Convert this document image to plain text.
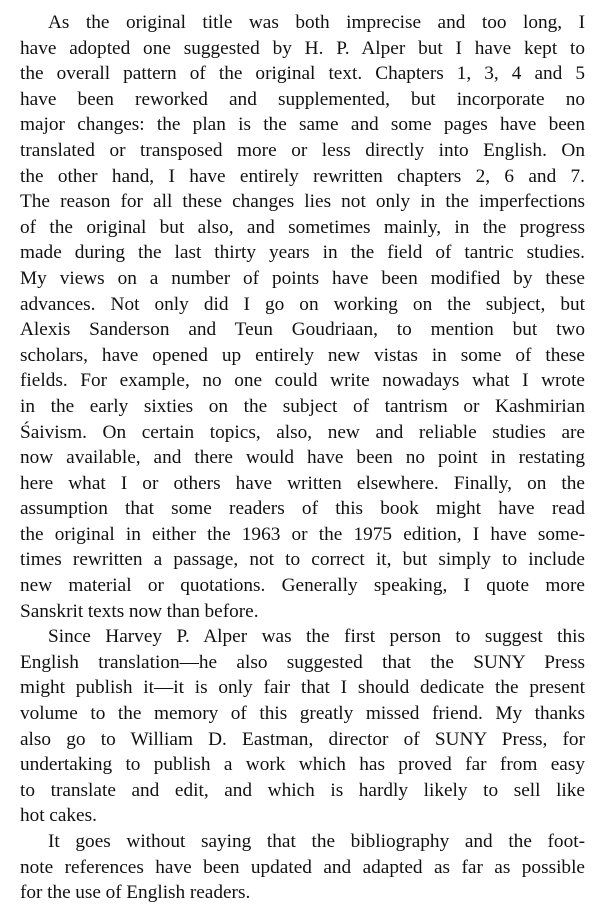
As the original title was both imprecise and too long, I
have adopted one suggested by H. P. Alper but I have kept to
the overall pattern of the original text. Chapters 1, 3, 4 and 5
have been reworked and supplemented, but incorporate no
major changes: the plan is the same and some pages have been
translated or transposed more or less directly into English. On
the other hand, I have entirely rewritten chapters 2, 6 and 7.
The reason for all these changes lies not only in the imperfections
of the original but also, and sometimes mainly, in the progress
made during the last thirty years in the field of tantric studies.
My views on a number of points have been modified by these
advances. Not only did I go on working on the subject, but
Alexis Sanderson and Teun Goudriaan, to mention but two
scholars, have opened up entirely new vistas in some of these
fields. For example, no one could write nowadays what I wrote
in the early sixties on the subject of tantrism or Kashmirian
Śaivism. On certain topics, also, new and reliable studies are
now available, and there would have been no point in restating
here what I or others have written elsewhere. Finally, on the
assumption that some readers of this book might have read
the original in either the 1963 or the 1975 edition, I have some-
times rewritten a passage, not to correct it, but simply to include
new material or quotations. Generally speaking, I quote more
Sanskrit texts now than before.
Since Harvey P. Alper was the first person to suggest this
English translation—he also suggested that the SUNY Press
might publish it—it is only fair that I should dedicate the present
volume to the memory of this greatly missed friend. My thanks
also go to William D. Eastman, director of SUNY Press, for
undertaking to publish a work which has proved far from easy
to translate and edit, and which is hardly likely to sell like
hot cakes.
It goes without saying that the bibliography and the foot-
note references have been updated and adapted as far as possible
for the use of English readers.
